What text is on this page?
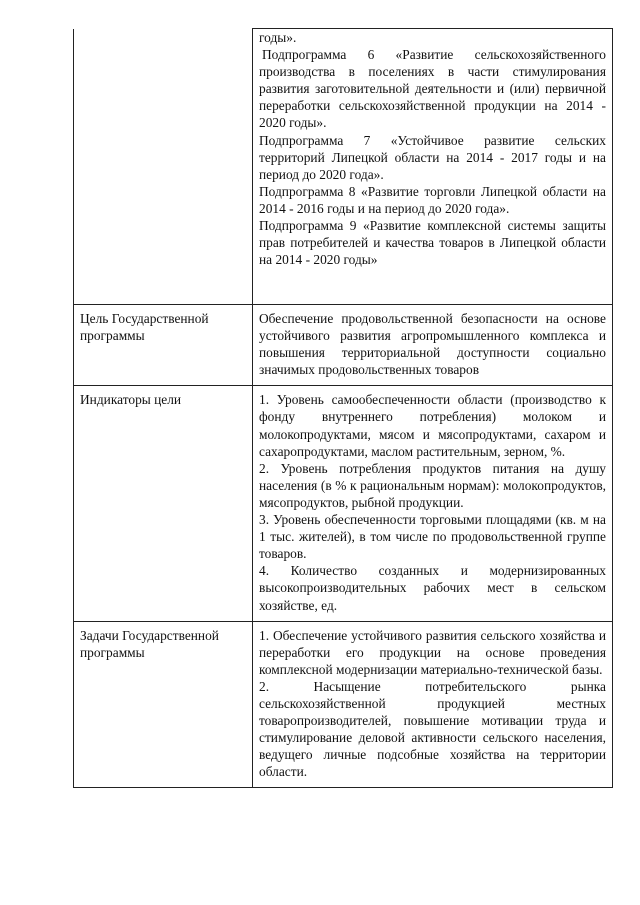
	годы».

Подпрограмма 6 «Развитие сельскохозяйственного производства в поселениях в части стимулирования развития заготовительной деятельности и (или) первичной переработки сельскохозяйственной продукции на 2014 - 2020 годы».

Подпрограмма 7 «Устойчивое развитие сельских территорий Липецкой области на 2014 - 2017 годы и на период до 2020 года».

Подпрограмма 8 «Развитие торговли Липецкой области на 2014 - 2016 годы и на период до 2020 года».

Подпрограмма 9 «Развитие комплексной системы защиты прав потребителей и качества товаров в Липецкой области на 2014 - 2020 годы»

Цель Государственной программы	Обеспечение продовольственной безопасности на основе устойчивого развития агропромышленного комплекса и повышения территориальной доступности социально значимых продовольственных товаров

Индикаторы цели	1. Уровень самообеспеченности области (производство к фонду внутреннего потребления) молоком и молокопродуктами, мясом и мясопродуктами, сахаром и сахаропродуктами, маслом растительным, зерном, %.

2. Уровень потребления продуктов питания на душу населения (в % к рациональным нормам): молокопродуктов, мясопродуктов, рыбной продукции.

3. Уровень обеспеченности торговыми площадями (кв. м на 1 тыс. жителей), в том числе по продовольственной группе товаров.

4. Количество созданных и модернизированных высокопроизводительных рабочих мест в сельском хозяйстве, ед.

Задачи Государственной программы	1. Обеспечение устойчивого развития сельского хозяйства и переработки его продукции на основе проведения комплексной модернизации материально-технической базы.

2. Насыщение потребительского рынка сельскохозяйственной продукцией местных товаропроизводителей, повышение мотивации труда и стимулирование деловой активности сельского населения, ведущего личные подсобные хозяйства на территории области.
